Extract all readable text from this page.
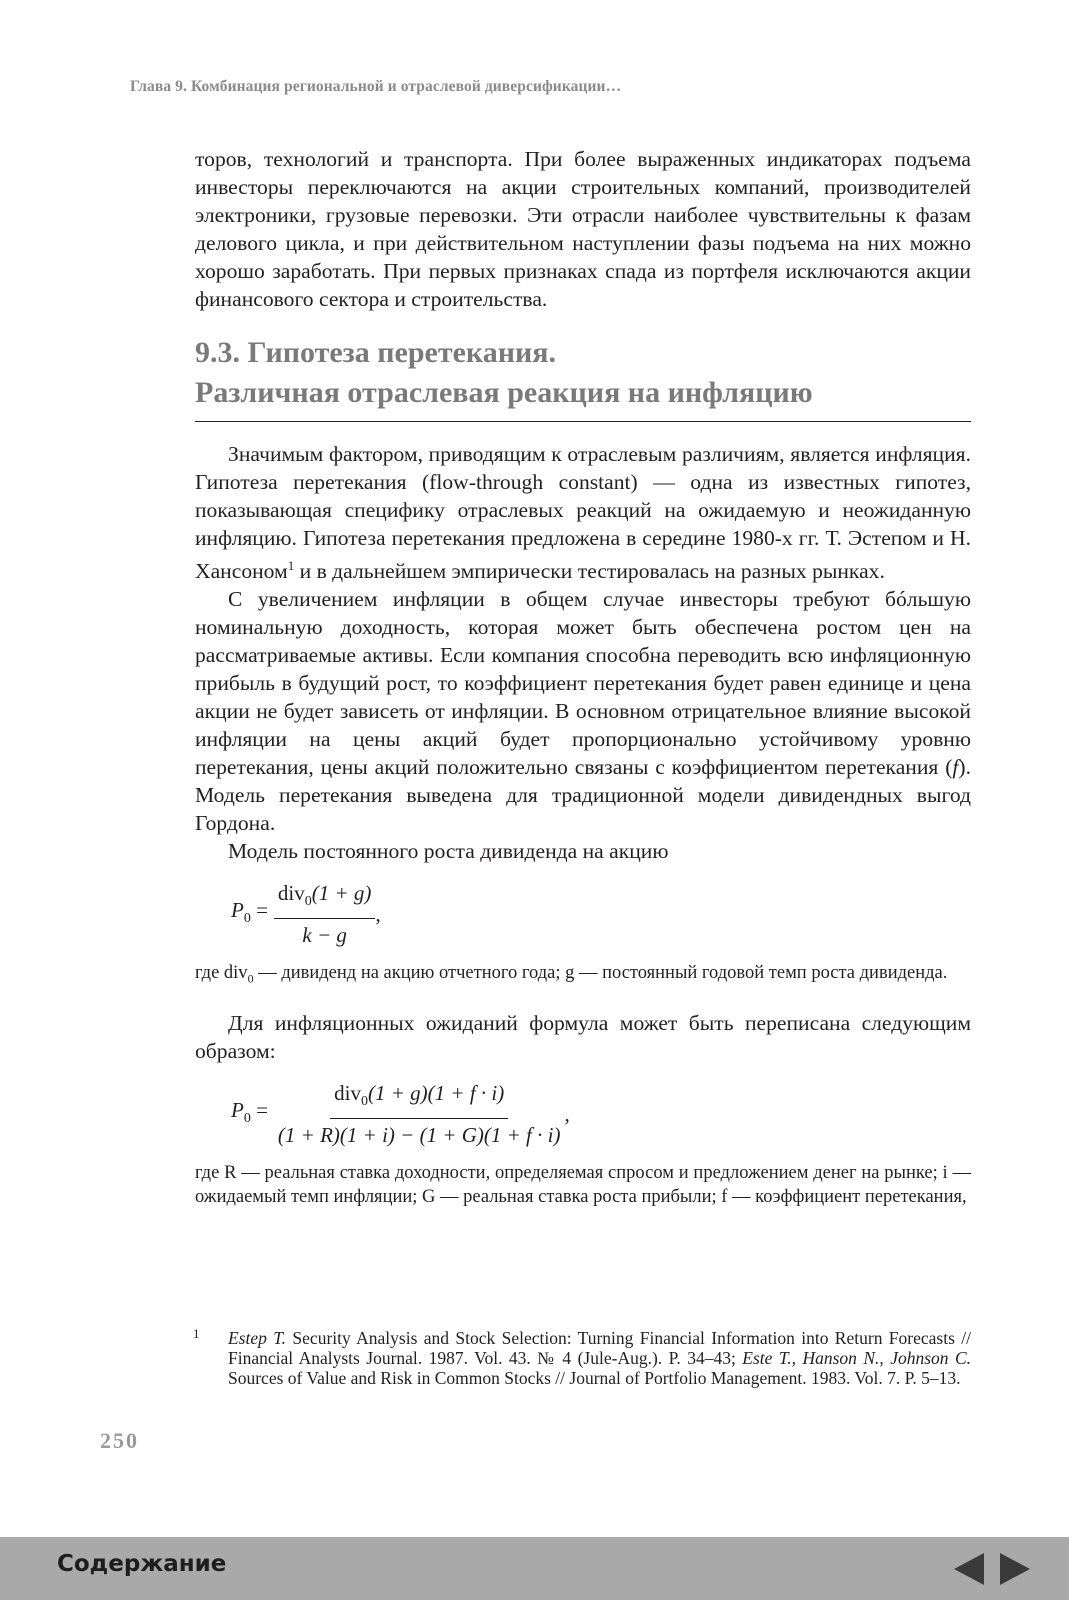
Глава 9. Комбинация региональной и отраслевой диверсификации…

торов, технологий и транспорта. При более выраженных индикаторах подъема инвесторы переключаются на акции строительных компаний, производителей электроники, грузовые перевозки. Эти отрасли наиболее чувствительны к фазам делового цикла, и при действительном наступлении фазы подъема на них можно хорошо заработать. При первых признаках спада из портфеля исключаются акции финансового сектора и строительства.

9.3. Гипотеза перетекания.
Различная отраслевая реакция на инфляцию

Значимым фактором, приводящим к отраслевым различиям, является инфляция. Гипотеза перетекания (flow-through constant) — одна из известных гипотез, показывающая специфику отраслевых реакций на ожидаемую и неожиданную инфляцию. Гипотеза перетекания предложена в середине 1980-х гг. Т. Эстепом и Н. Хансоном$^1$ и в дальнейшем эмпирически тестировалась на разных рынках.

С увеличением инфляции в общем случае инвесторы требуют бóльшую номинальную доходность, которая может быть обеспечена ростом цен на рассматриваемые активы. Если компания способна переводить всю инфляционную прибыль в будущий рост, то коэффициент перетекания будет равен единице и цена акции не будет зависеть от инфляции. В основном отрицательное влияние высокой инфляции на цены акций будет пропорционально устойчивому уровню перетекания, цены акций положительно связаны с коэффициентом перетекания (f). Модель перетекания выведена для традиционной модели дивидендных выгод Гордона.

Модель постоянного роста дивиденда на акцию

$P_0 = \frac{div_0(1 + g)}{k - g}$ ,

где div$_0$ — дивиденд на акцию отчетного года; g — постоянный годовой темп роста дивиденда.

Для инфляционных ожиданий формула может быть переписана следующим образом:

$P_0 = \frac{div_0(1 + g)(1 + f \cdot i)}{(1 + R)(1 + i) - (1 + G)(1 + f \cdot i)}$ ,

где R — реальная ставка доходности, определяемая спросом и предложением денег на рынке; i — ожидаемый темп инфляции; G — реальная ставка роста прибыли; f — коэффициент перетекания,

1 Estep T. Security Analysis and Stock Selection: Turning Financial Information into Return Forecasts // Financial Analysts Journal. 1987. Vol. 43. № 4 (Jule-Aug.). P. 34–43; Este T., Hanson N., Johnson C. Sources of Value and Risk in Common Stocks // Journal of Portfolio Management. 1983. Vol. 7. P. 5–13.
250
Содержание
